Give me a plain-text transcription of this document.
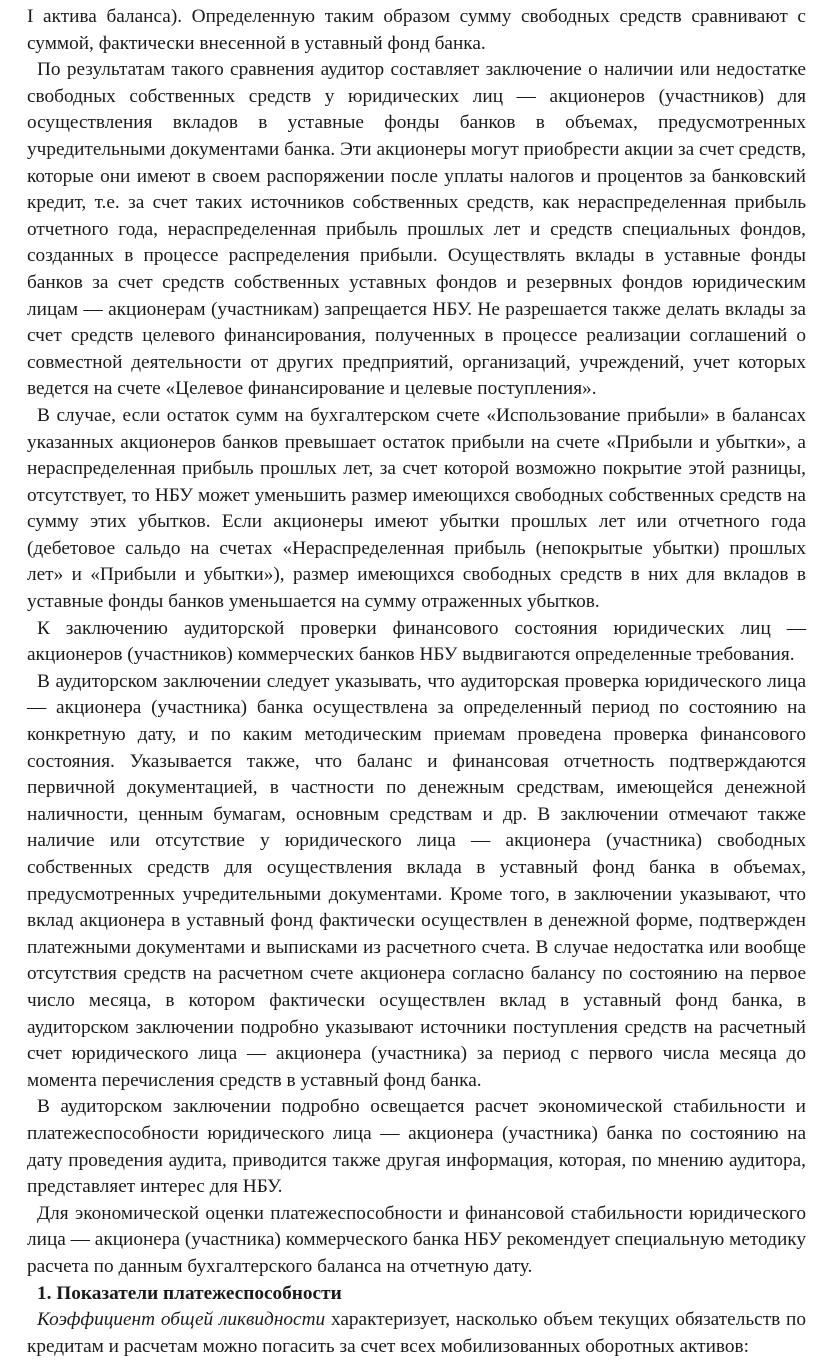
I актива баланса). Определенную таким образом сумму свободных средств сравнивают с суммой, фактически внесенной в уставный фонд банка.

По результатам такого сравнения аудитор составляет заключение о наличии или недостатке свободных собственных средств у юридических лиц — акционеров (участников) для осуществления вкладов в уставные фонды банков в объемах, предусмотренных учредительными документами банка. Эти акционеры могут приобрести акции за счет средств, которые они имеют в своем распоряжении после уплаты налогов и процентов за банковский кредит, т.е. за счет таких источников собственных средств, как нераспределенная прибыль отчетного года, нераспределенная прибыль прошлых лет и средств специальных фондов, созданных в процессе распределения прибыли. Осуществлять вклады в уставные фонды банков за счет средств собственных уставных фондов и резервных фондов юридическим лицам — акционерам (участникам) запрещается НБУ. Не разрешается также делать вклады за счет средств целевого финансирования, полученных в процессе реализации соглашений о совместной деятельности от других предприятий, организаций, учреждений, учет которых ведется на счете «Целевое финансирование и целевые поступления».

В случае, если остаток сумм на бухгалтерском счете «Использование прибыли» в балансах указанных акционеров банков превышает остаток прибыли на счете «Прибыли и убытки», а нераспределенная прибыль прошлых лет, за счет которой возможно покрытие этой разницы, отсутствует, то НБУ может уменьшить размер имеющихся свободных собственных средств на сумму этих убытков. Если акционеры имеют убытки прошлых лет или отчетного года (дебетовое сальдо на счетах «Нераспределенная прибыль (непокрытые убытки) прошлых лет» и «Прибыли и убытки»), размер имеющихся свободных средств в них для вкладов в уставные фонды банков уменьшается на сумму отраженных убытков.

К заключению аудиторской проверки финансового состояния юридических лиц — акционеров (участников) коммерческих банков НБУ выдвигаются определенные требования.

В аудиторском заключении следует указывать, что аудиторская проверка юридического лица — акционера (участника) банка осуществлена за определенный период по состоянию на конкретную дату, и по каким методическим приемам проведена проверка финансового состояния. Указывается также, что баланс и финансовая отчетность подтверждаются первичной документацией, в частности по денежным средствам, имеющейся денежной наличности, ценным бумагам, основным средствам и др. В заключении отмечают также наличие или отсутствие у юридического лица — акционера (участника) свободных собственных средств для осуществления вклада в уставный фонд банка в объемах, предусмотренных учредительными документами. Кроме того, в заключении указывают, что вклад акционера в уставный фонд фактически осуществлен в денежной форме, подтвержден платежными документами и выписками из расчетного счета. В случае недостатка или вообще отсутствия средств на расчетном счете акционера согласно балансу по состоянию на первое число месяца, в котором фактически осуществлен вклад в уставный фонд банка, в аудиторском заключении подробно указывают источники поступления средств на расчетный счет юридического лица — акционера (участника) за период с первого числа месяца до момента перечисления средств в уставный фонд банка.

В аудиторском заключении подробно освещается расчет экономической стабильности и платежеспособности юридического лица — акционера (участника) банка по состоянию на дату проведения аудита, приводится также другая информация, которая, по мнению аудитора, представляет интерес для НБУ.

Для экономической оценки платежеспособности и финансовой стабильности юридического лица — акционера (участника) коммерческого банка НБУ рекомендует специальную методику расчета по данным бухгалтерского баланса на отчетную дату.

1. Показатели платежеспособности

Коэффициент общей ликвидности характеризует, насколько объем текущих обязательств по кредитам и расчетам можно погасить за счет всех мобилизованных оборотных активов:
